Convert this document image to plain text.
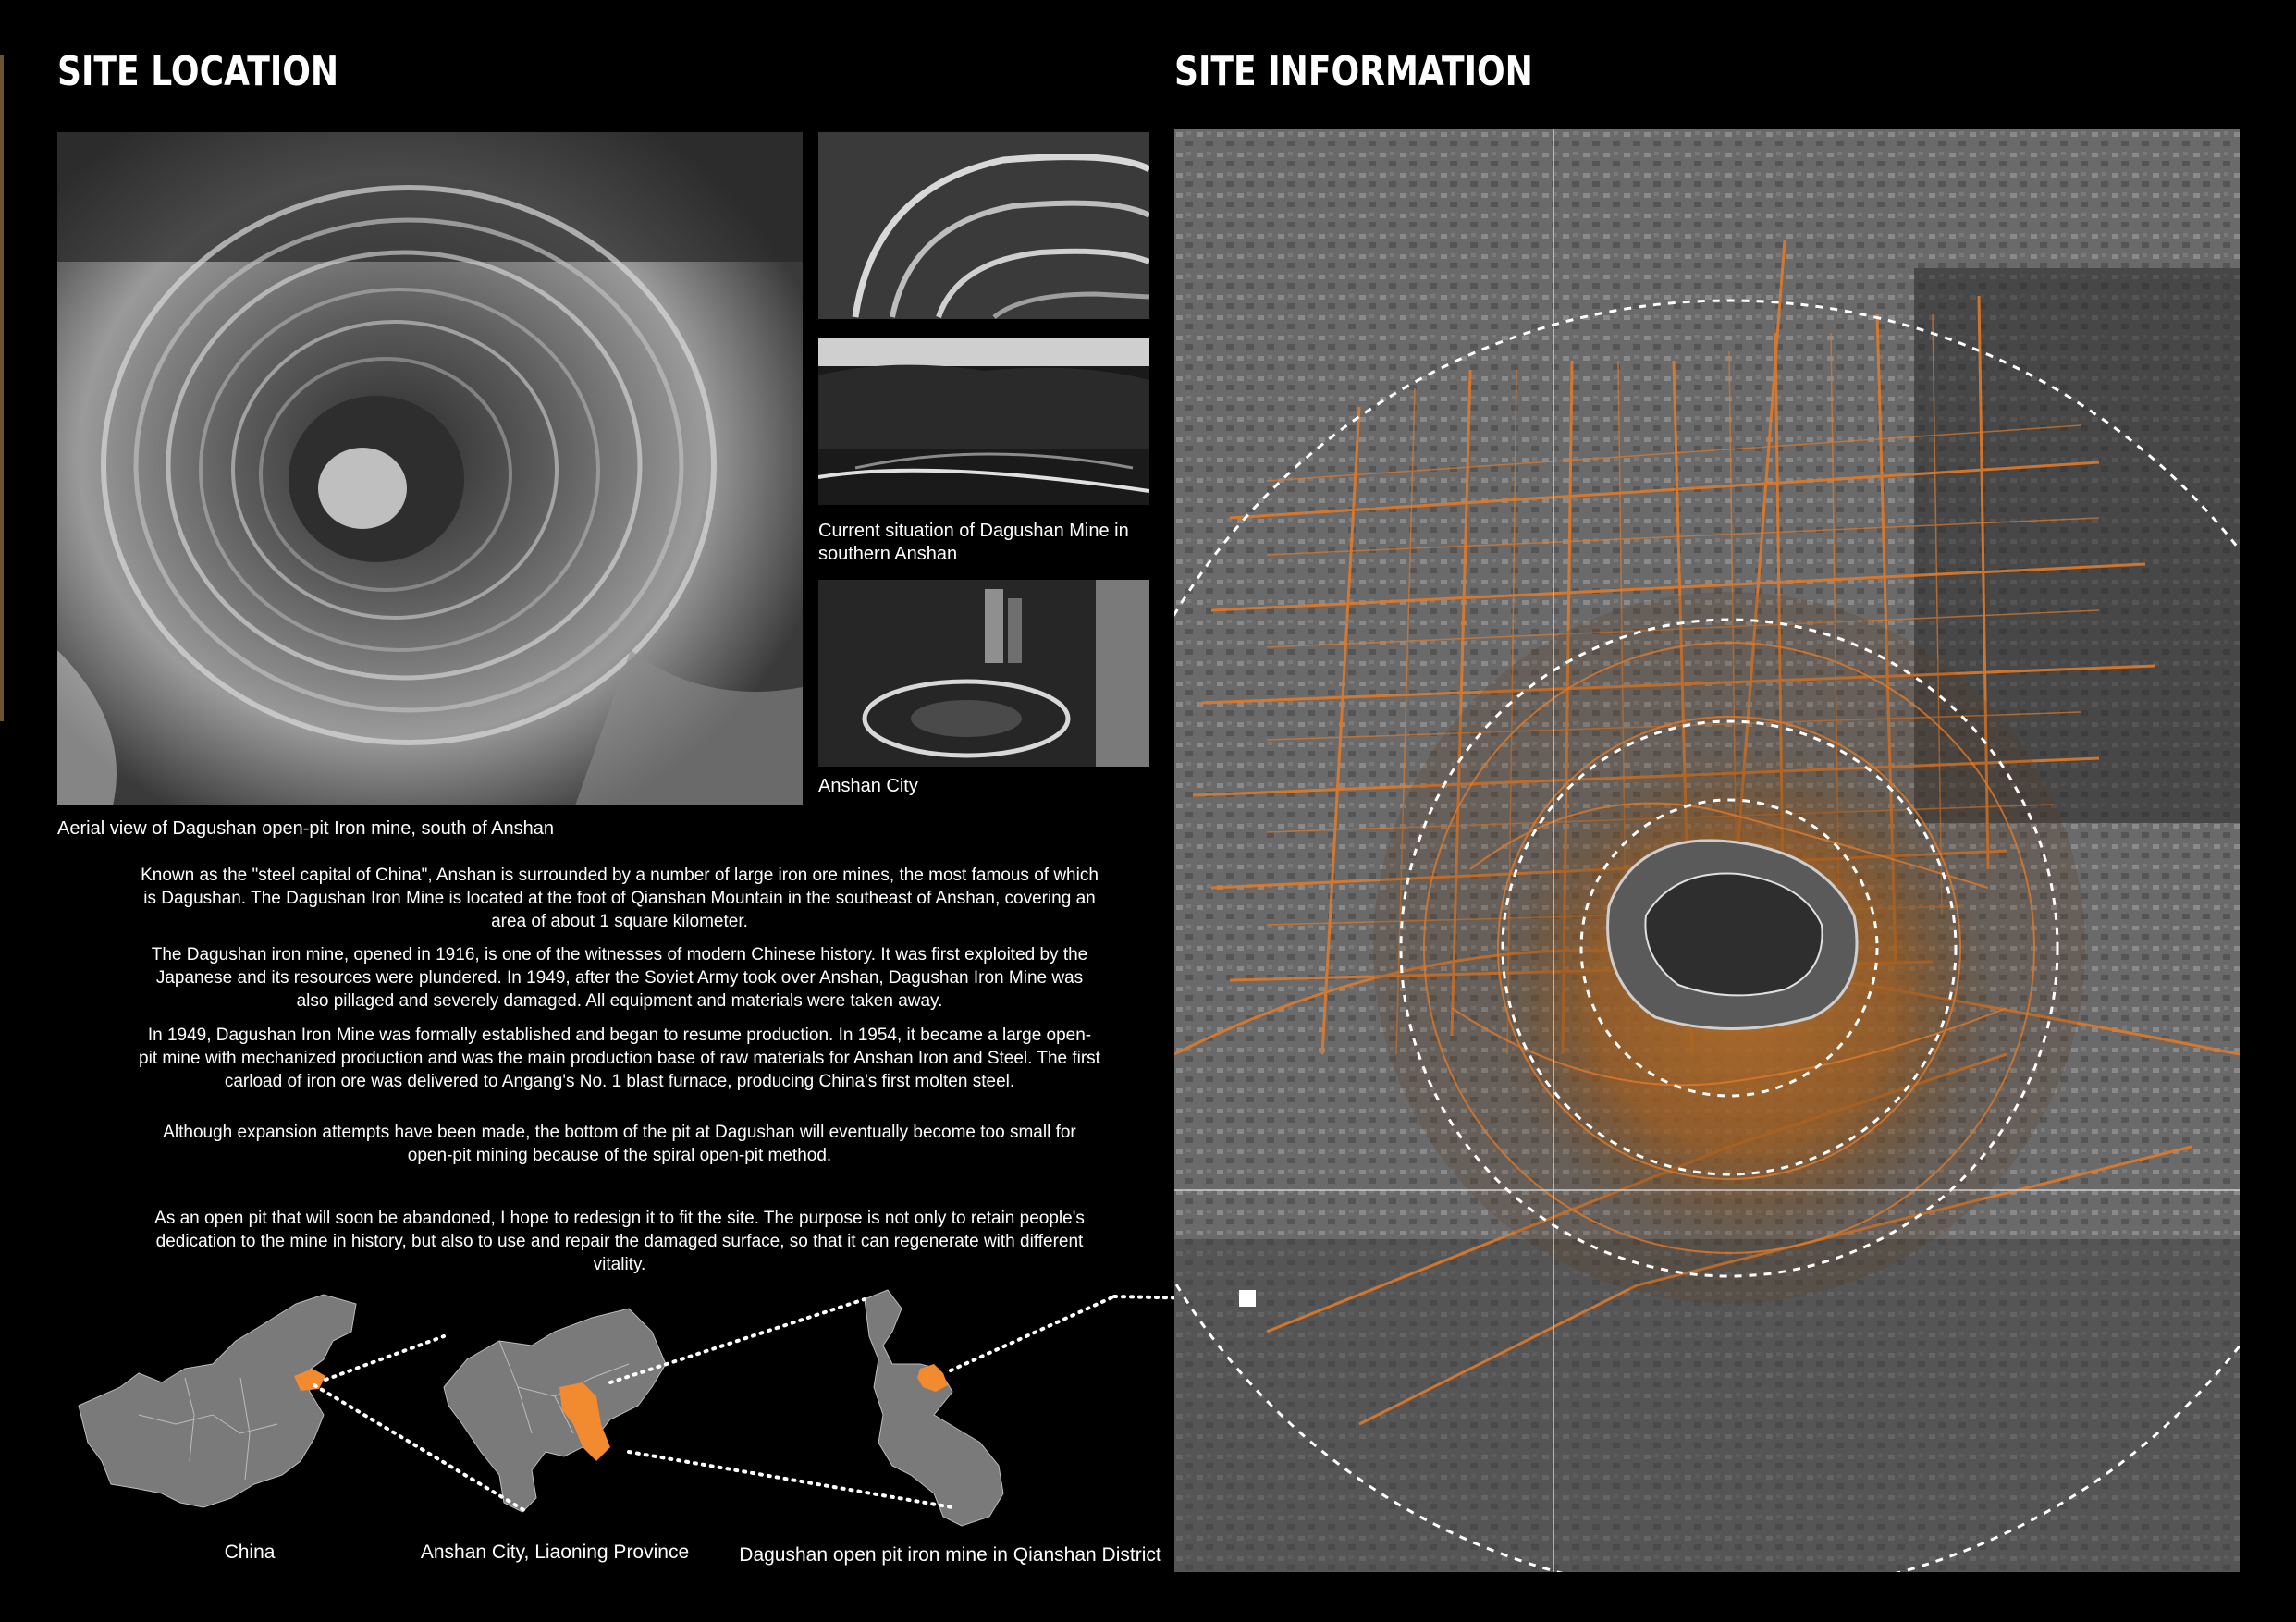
SITE LOCATION	SITE INFORMATION

Aerial view of Dagushan open-pit Iron mine, south of Anshan

Current situation of Dagushan Mine in southern Anshan

Anshan City

Known as the "steel capital of China", Anshan is surrounded by a number of large iron ore mines, the most famous of which is Dagushan. The Dagushan Iron Mine is located at the foot of Qianshan Mountain in the southeast of Anshan, covering an area of about 1 square kilometer.

The Dagushan iron mine, opened in 1916, is one of the witnesses of modern Chinese history. It was first exploited by the Japanese and its resources were plundered. In 1949, after the Soviet Army took over Anshan, Dagushan Iron Mine was also pillaged and severely damaged. All equipment and materials were taken away.

In 1949, Dagushan Iron Mine was formally established and began to resume production. In 1954, it became a large open-pit mine with mechanized production and was the main production base of raw materials for Anshan Iron and Steel. The first carload of iron ore was delivered to Angang's No. 1 blast furnace, producing China's first molten steel.

Although expansion attempts have been made, the bottom of the pit at Dagushan will eventually become too small for open-pit mining because of the spiral open-pit method.

As an open pit that will soon be abandoned, I hope to redesign it to fit the site. The purpose is not only to retain people's dedication to the mine in history, but also to use and repair the damaged surface, so that it can regenerate with different vitality.

China	Anshan City, Liaoning Province	Dagushan open pit iron mine in Qianshan District
